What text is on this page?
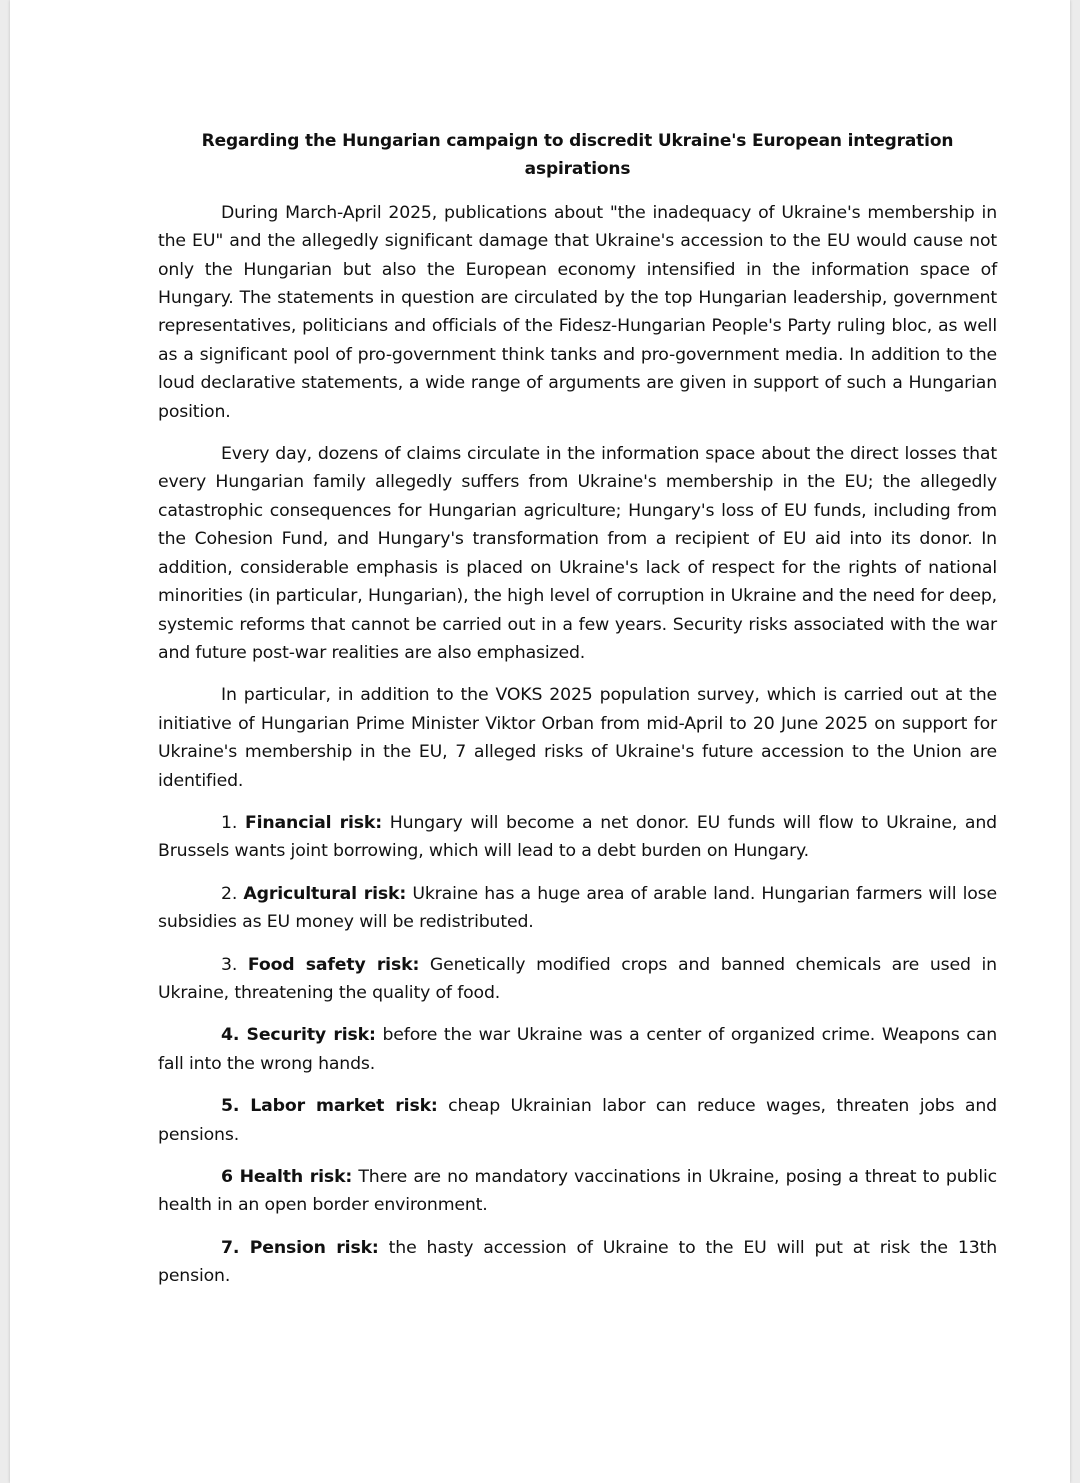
Regarding the Hungarian campaign to discredit Ukraine's European integration aspirations

During March-April 2025, publications about "the inadequacy of Ukraine's membership in the EU" and the allegedly significant damage that Ukraine's accession to the EU would cause not only the Hungarian but also the European economy intensified in the information space of Hungary. The statements in question are circulated by the top Hungarian leadership, government representatives, politicians and officials of the Fidesz-Hungarian People's Party ruling bloc, as well as a significant pool of pro-government think tanks and pro-government media. In addition to the loud declarative statements, a wide range of arguments are given in support of such a Hungarian position.

Every day, dozens of claims circulate in the information space about the direct losses that every Hungarian family allegedly suffers from Ukraine's membership in the EU; the allegedly catastrophic consequences for Hungarian agriculture; Hungary's loss of EU funds, including from the Cohesion Fund, and Hungary's transformation from a recipient of EU aid into its donor. In addition, considerable emphasis is placed on Ukraine's lack of respect for the rights of national minorities (in particular, Hungarian), the high level of corruption in Ukraine and the need for deep, systemic reforms that cannot be carried out in a few years. Security risks associated with the war and future post-war realities are also emphasized.

In particular, in addition to the VOKS 2025 population survey, which is carried out at the initiative of Hungarian Prime Minister Viktor Orban from mid-April to 20 June 2025 on support for Ukraine's membership in the EU, 7 alleged risks of Ukraine's future accession to the Union are identified.

1. Financial risk: Hungary will become a net donor. EU funds will flow to Ukraine, and Brussels wants joint borrowing, which will lead to a debt burden on Hungary.

2. Agricultural risk: Ukraine has a huge area of arable land. Hungarian farmers will lose subsidies as EU money will be redistributed.

3. Food safety risk: Genetically modified crops and banned chemicals are used in Ukraine, threatening the quality of food.

4. Security risk: before the war Ukraine was a center of organized crime. Weapons can fall into the wrong hands.

5. Labor market risk: cheap Ukrainian labor can reduce wages, threaten jobs and pensions.

6 Health risk: There are no mandatory vaccinations in Ukraine, posing a threat to public health in an open border environment.

7. Pension risk: the hasty accession of Ukraine to the EU will put at risk the 13th pension.
